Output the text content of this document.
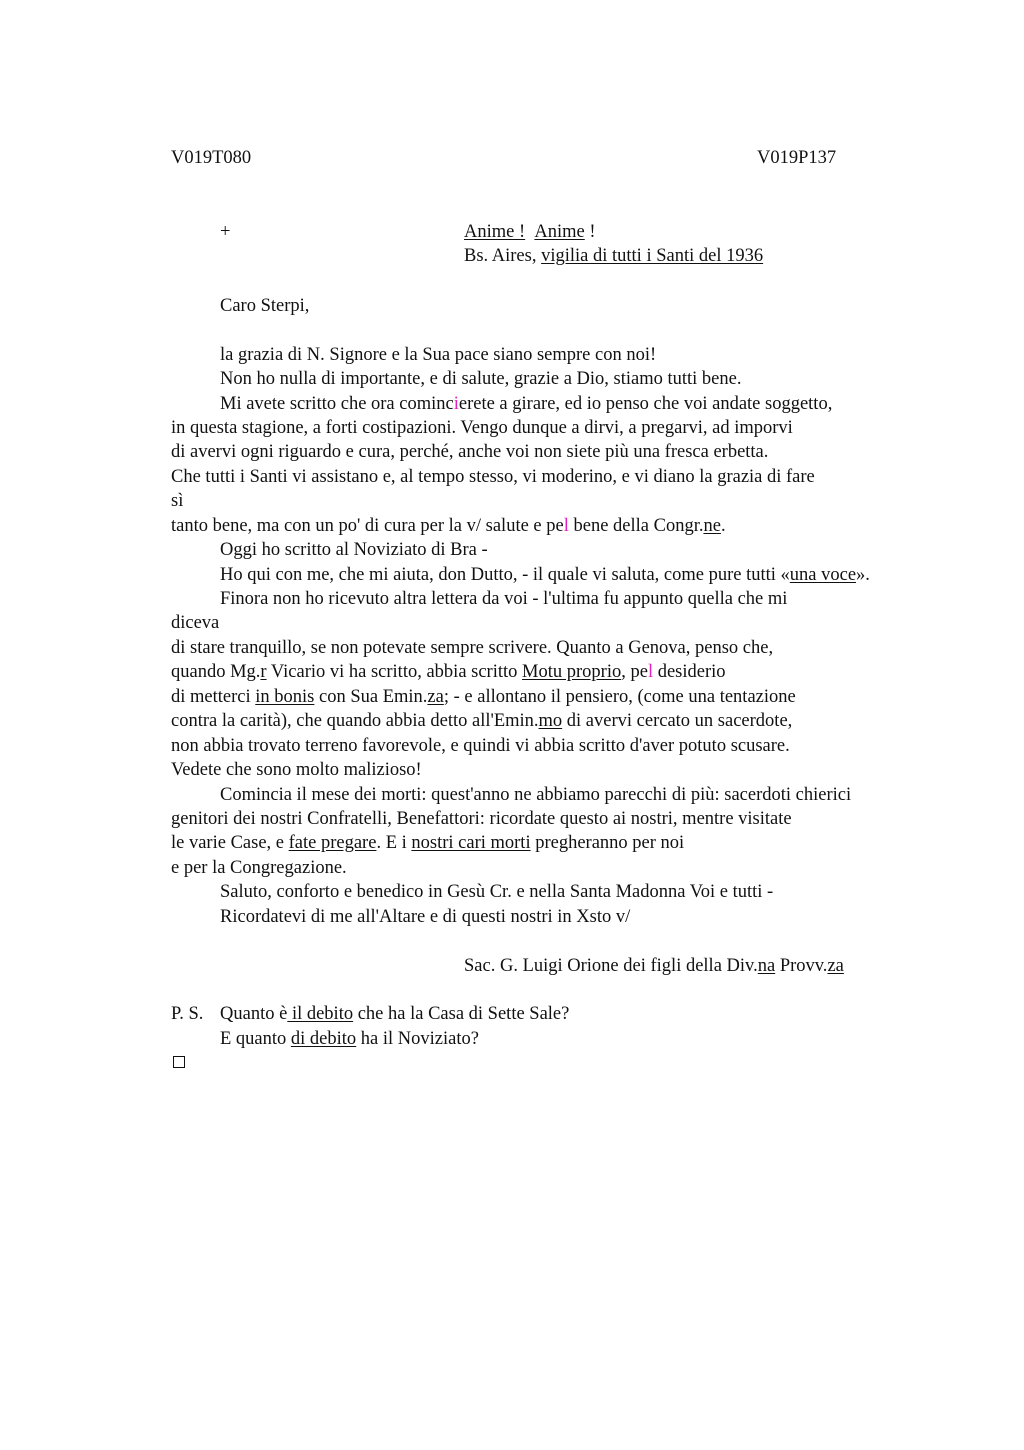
V019T080	V019P137
+	Anime ! Anime !
Bs. Aires, vigilia di tutti i Santi del 1936
Caro Sterpi,
la grazia di N. Signore e la Sua pace siano sempre con noi!
Non ho nulla di importante, e di salute, grazie a Dio, stiamo tutti bene.
Mi avete scritto che ora comincierete a girare, ed io penso che voi andate soggetto,
in questa stagione, a forti costipazioni. Vengo dunque a dirvi, a pregarvi, ad imporvi
di avervi ogni riguardo e cura, perché, anche voi non siete più una fresca erbetta.
Che tutti i Santi vi assistano e, al tempo stesso, vi moderino, e vi diano la grazia di fare
sì
tanto bene, ma con un po' di cura per la v/ salute e pel bene della Congr.ne.
Oggi ho scritto al Noviziato di Bra -
Ho qui con me, che mi aiuta, don Dutto, - il quale vi saluta, come pure tutti «una voce».
Finora non ho ricevuto altra lettera da voi - l'ultima fu appunto quella che mi
diceva
di stare tranquillo, se non potevate sempre scrivere. Quanto a Genova, penso che,
quando Mg.r Vicario vi ha scritto, abbia scritto Motu proprio, pel desiderio
di metterci in bonis con Sua Emin.za; - e allontano il pensiero, (come una tentazione
contra la carità), che quando abbia detto all'Emin.mo di avervi cercato un sacerdote,
non abbia trovato terreno favorevole, e quindi vi abbia scritto d'aver potuto scusare.
Vedete che sono molto malizioso!
Comincia il mese dei morti: quest'anno ne abbiamo parecchi di più: sacerdoti chierici
genitori dei nostri Confratelli, Benefattori: ricordate questo ai nostri, mentre visitate
le varie Case, e fate pregare. E i nostri cari morti pregheranno per noi
e per la Congregazione.
Saluto, conforto e benedico in Gesù Cr. e nella Santa Madonna Voi e tutti -
Ricordatevi di me all'Altare e di questi nostri in Xsto v/
Sac. G. Luigi Orione dei figli della Div.na Provv.za
P. S. Quanto è il debito che ha la Casa di Sette Sale?
E quanto di debito ha il Noviziato?
